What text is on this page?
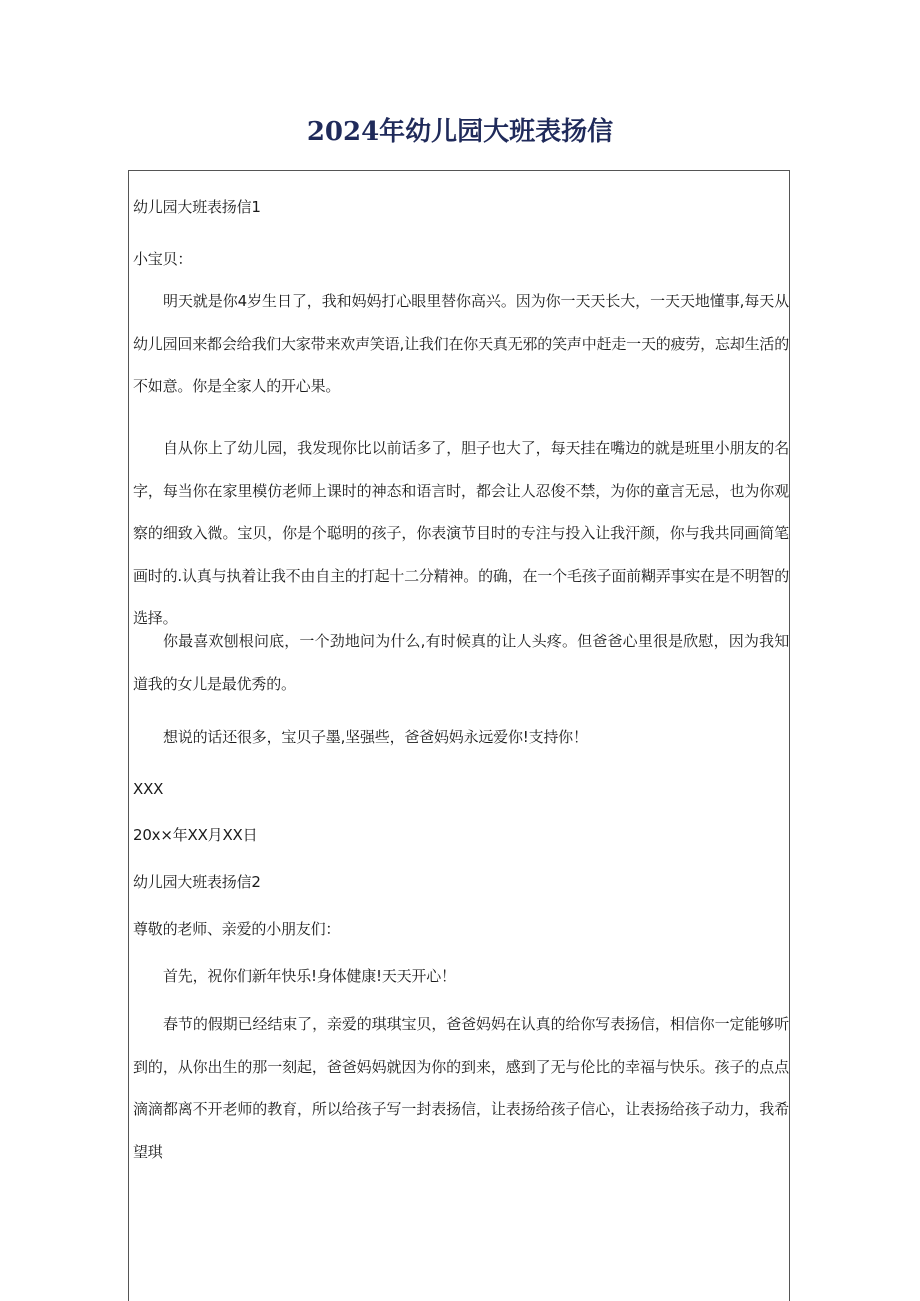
2024年幼儿园大班表扬信

幼儿园大班表扬信1

小宝贝：

明天就是你4岁生日了，我和妈妈打心眼里替你高兴。因为你一天天长大，一天天地懂事,每天从幼儿园回来都会给我们大家带来欢声笑语,让我们在你天真无邪的笑声中赶走一天的疲劳，忘却生活的不如意。你是全家人的开心果。

自从你上了幼儿园，我发现你比以前话多了，胆子也大了，每天挂在嘴边的就是班里小朋友的名字，每当你在家里模仿老师上课时的神态和语言时，都会让人忍俊不禁，为你的童言无忌，也为你观察的细致入微。宝贝，你是个聪明的孩子，你表演节目时的专注与投入让我汗颜，你与我共同画简笔画时的.认真与执着让我不由自主的打起十二分精神。的确，在一个毛孩子面前糊弄事实在是不明智的选择。

你最喜欢刨根问底，一个劲地问为什么,有时候真的让人头疼。但爸爸心里很是欣慰，因为我知道我的女儿是最优秀的。

想说的话还很多，宝贝子墨,坚强些，爸爸妈妈永远爱你!支持你！

XXX

20x×年XX月XX日

幼儿园大班表扬信2

尊敬的老师、亲爱的小朋友们：

首先，祝你们新年快乐!身体健康!天天开心！

春节的假期已经结束了，亲爱的琪琪宝贝，爸爸妈妈在认真的给你写表扬信，相信你一定能够听到的，从你出生的那一刻起，爸爸妈妈就因为你的到来，感到了无与伦比的幸福与快乐。孩子的点点滴滴都离不开老师的教育，所以给孩子写一封表扬信，让表扬给孩子信心，让表扬给孩子动力，我希望琪
